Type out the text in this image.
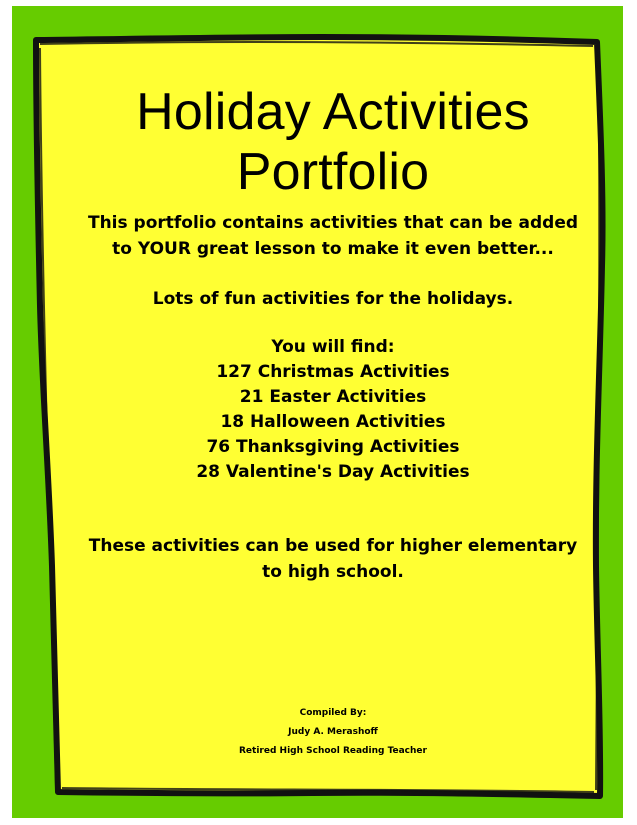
Holiday Activities
Portfolio

This portfolio contains activities that can be added
to YOUR great lesson to make it even better...

Lots of fun activities for the holidays.

You will find:

127 Christmas Activities
21 Easter Activities
18 Halloween Activities
76 Thanksgiving Activities
28 Valentine's Day Activities

These activities can be used for higher elementary
to high school.

Compiled By:
Judy A. Merashoff
Retired High School Reading Teacher
